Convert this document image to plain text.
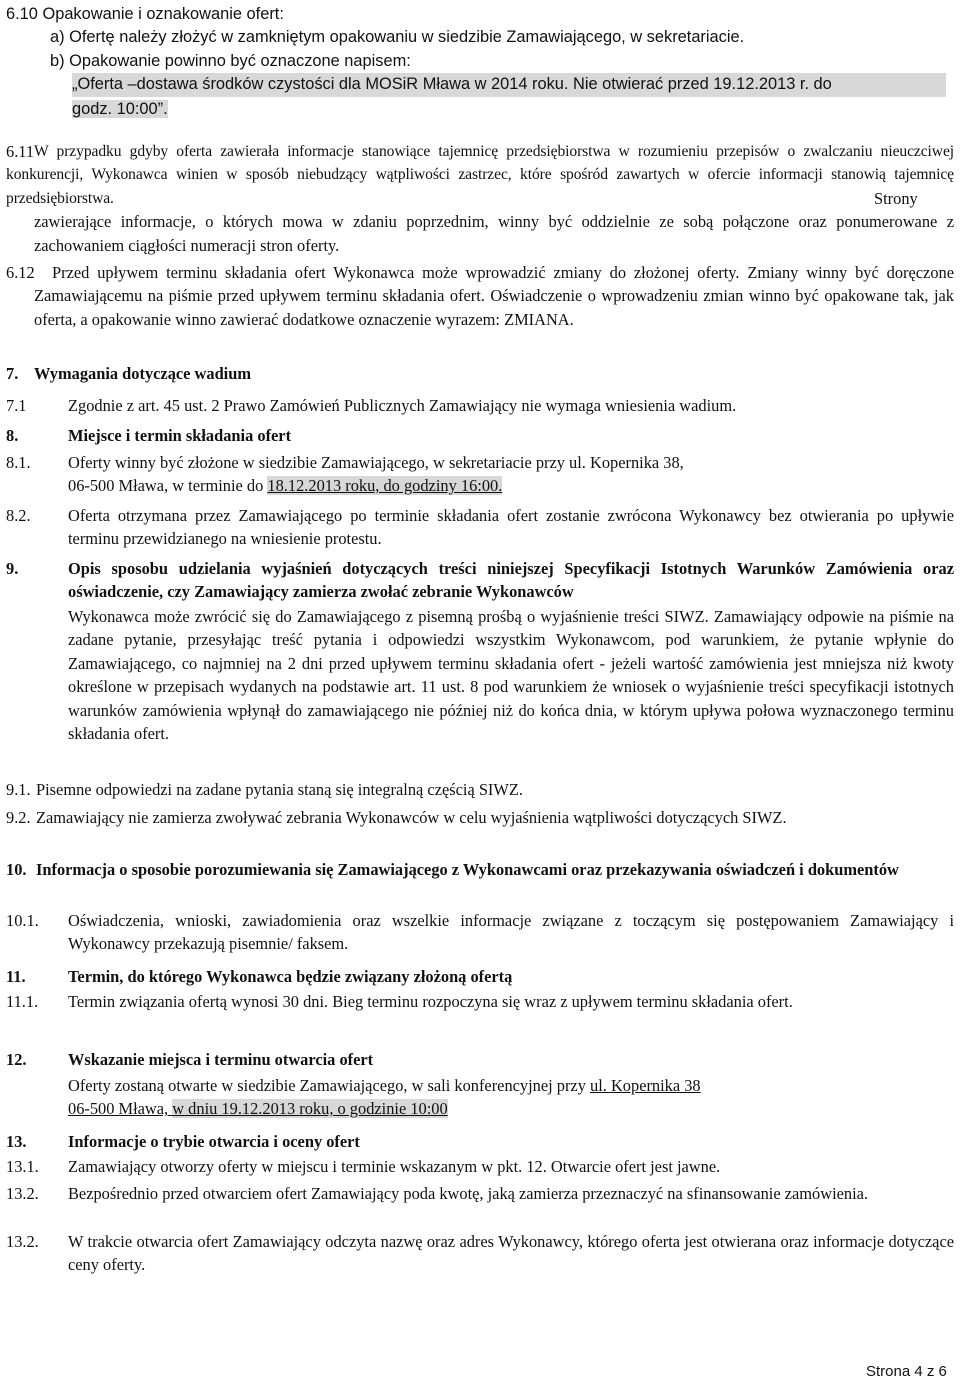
6.10 Opakowanie i oznakowanie ofert:
a) Ofertę należy złożyć w zamkniętym opakowaniu w siedzibie Zamawiającego, w sekretariacie.
b) Opakowanie powinno być oznaczone napisem:
„Oferta –dostawa środków czystości dla MOSiR Mława w 2014 roku. Nie otwierać przed 19.12.2013 r. do godz. 10:00”.
6.11 W przypadku gdyby oferta zawierała informacje stanowiące tajemnicę przedsiębiorstwa w rozumieniu przepisów o zwalczaniu nieuczciwej konkurencji, Wykonawca winien w sposób niebudzący wątpliwości zastrzec, które spośród zawartych w ofercie informacji stanowią tajemnicę przedsiębiorstwa.	Strony zawierające informacje, o których mowa w zdaniu poprzednim, winny być oddzielnie ze sobą połączone oraz ponumerowane z zachowaniem ciągłości numeracji stron oferty.
6.12	Przed upływem terminu składania ofert Wykonawca może wprowadzić zmiany do złożonej oferty. Zmiany winny być doręczone Zamawiającemu na piśmie przed upływem terminu składania ofert. Oświadczenie o wprowadzeniu zmian winno być opakowane tak, jak oferta, a opakowanie winno zawierać dodatkowe oznaczenie wyrazem: ZMIANA.
7. Wymagania dotyczące wadium
7.1	Zgodnie z art. 45 ust. 2 Prawo Zamówień Publicznych Zamawiający nie wymaga wniesienia wadium.
8.	Miejsce i termin składania ofert
8.1. Oferty winny być złożone w siedzibie Zamawiającego, w sekretariacie przy ul. Kopernika 38,
06-500 Mława, w terminie do 18.12.2013 roku, do godziny 16:00.
8.2. Oferta otrzymana przez Zamawiającego po terminie składania ofert zostanie zwrócona Wykonawcy bez otwierania po upływie terminu przewidzianego na wniesienie protestu.
9.	Opis sposobu udzielania wyjaśnień dotyczących treści niniejszej Specyfikacji Istotnych Warunków Zamówienia oraz oświadczenie, czy Zamawiający zamierza zwołać zebranie Wykonawców
Wykonawca może zwrócić się do Zamawiającego z pisemną prośbą o wyjaśnienie treści SIWZ. Zamawiający odpowie na piśmie na zadane pytanie, przesyłając treść pytania i odpowiedzi wszystkim Wykonawcom, pod warunkiem, że pytanie wpłynie do Zamawiającego, co najmniej na 2 dni przed upływem terminu składania ofert - jeżeli wartość zamówienia jest mniejsza niż kwoty określone w przepisach wydanych na podstawie art. 11 ust. 8 pod warunkiem że wniosek o wyjaśnienie treści specyfikacji istotnych warunków zamówienia wpłynął do zamawiającego nie później niż do końca dnia, w którym upływa połowa wyznaczonego terminu składania ofert.
9.1. Pisemne odpowiedzi na zadane pytania staną się integralną częścią SIWZ.
9.2. Zamawiający nie zamierza zwoływać zebrania Wykonawców w celu wyjaśnienia wątpliwości dotyczących SIWZ.
10. Informacja o sposobie porozumiewania się Zamawiającego z Wykonawcami oraz przekazywania oświadczeń i dokumentów
10.1. Oświadczenia, wnioski, zawiadomienia oraz wszelkie informacje związane z toczącym się postępowaniem Zamawiający i Wykonawcy przekazują pisemnie/ faksem.
11.	Termin, do którego Wykonawca będzie związany złożoną ofertą
11.1. Termin związania ofertą wynosi 30 dni. Bieg terminu rozpoczyna się wraz z upływem terminu składania ofert.
12.	Wskazanie miejsca i terminu otwarcia ofert
Oferty zostaną otwarte w siedzibie Zamawiającego, w sali konferencyjnej przy ul. Kopernika 38
06-500 Mława, w dniu 19.12.2013 roku, o godzinie 10:00
13.	Informacje o trybie otwarcia i oceny ofert
13.1. Zamawiający otworzy oferty w miejscu i terminie wskazanym w pkt. 12. Otwarcie ofert jest jawne.
13.2. Bezpośrednio przed otwarciem ofert Zamawiający poda kwotę, jaką zamierza przeznaczyć na sfinansowanie zamówienia.
13.2. W trakcie otwarcia ofert Zamawiający odczyta nazwę oraz adres Wykonawcy, którego oferta jest otwierana oraz informacje dotyczące ceny oferty.
Strona 4 z 6
